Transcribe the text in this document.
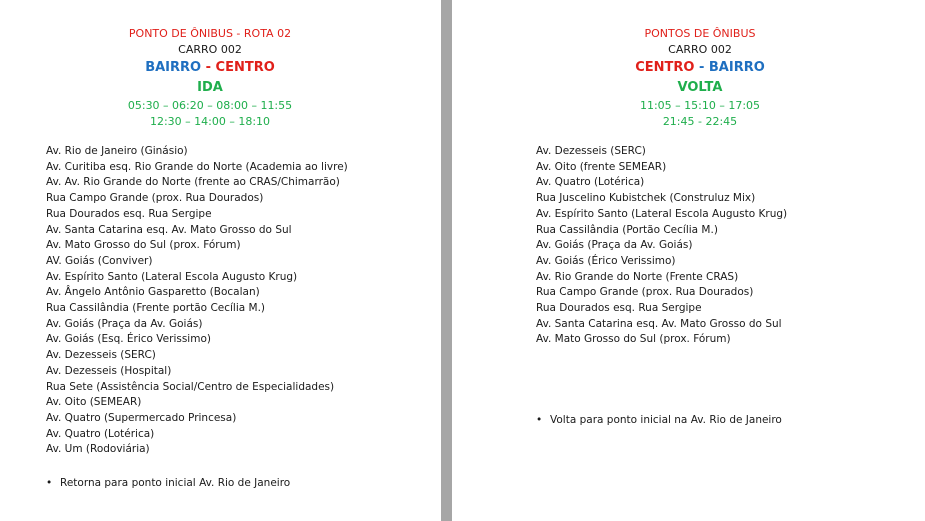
PONTO DE ÔNIBUS - ROTA 02
CARRO 002
BAIRRO - CENTRO
IDA
05:30 – 06:20 – 08:00 – 11:55
12:30 – 14:00 – 18:10
Av. Rio de Janeiro (Ginásio)
Av. Curitiba esq. Rio Grande do Norte (Academia ao livre)
Av. Av. Rio Grande do Norte (frente ao CRAS/Chimarrão)
Rua Campo Grande (prox. Rua Dourados)
Rua Dourados esq. Rua Sergipe
Av. Santa Catarina esq. Av. Mato Grosso do Sul
Av. Mato Grosso do Sul (prox. Fórum)
AV. Goiás (Conviver)
Av. Espírito Santo (Lateral Escola Augusto Krug)
Av. Ângelo Antônio Gasparetto (Bocalan)
Rua Cassilândia (Frente portão Cecília M.)
Av. Goiás (Praça da Av. Goiás)
Av. Goiás (Esq. Érico Verissimo)
Av. Dezesseis (SERC)
Av. Dezesseis (Hospital)
Rua Sete (Assistência Social/Centro de Especialidades)
Av. Oito (SEMEAR)
Av. Quatro (Supermercado Princesa)
Av. Quatro (Lotérica)
Av. Um (Rodoviária)
• Retorna para ponto inicial Av. Rio de Janeiro
PONTOS DE ÔNIBUS
CARRO 002
CENTRO - BAIRRO
VOLTA
11:05 – 15:10 – 17:05
21:45 - 22:45
Av. Dezesseis (SERC)
Av. Oito (frente SEMEAR)
Av. Quatro (Lotérica)
Rua Juscelino Kubistchek (Construluz Mix)
Av. Espírito Santo (Lateral Escola Augusto Krug)
Rua Cassilândia (Portão Cecília M.)
Av. Goiás (Praça da Av. Goiás)
Av. Goiás (Érico Verissimo)
Av. Rio Grande do Norte (Frente CRAS)
Rua Campo Grande (prox. Rua Dourados)
Rua Dourados esq. Rua Sergipe
Av. Santa Catarina esq. Av. Mato Grosso do Sul
Av. Mato Grosso do Sul (prox. Fórum)
• Volta para ponto inicial na Av. Rio de Janeiro
